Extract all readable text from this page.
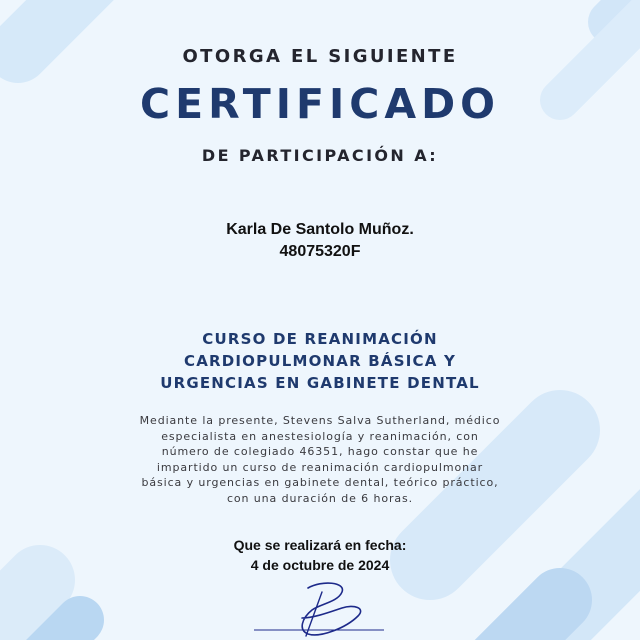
OTORGA EL SIGUIENTE
CERTIFICADO
DE PARTICIPACIÓN A:
Karla De Santolo Muñoz.
48075320F
CURSO DE REANIMACIÓN
CARDIOPULMONAR BÁSICA Y
URGENCIAS EN GABINETE DENTAL
Mediante la presente, Stevens Salva Sutherland, médico
especialista en anestesiología y reanimación, con
número de colegiado 46351, hago constar que he
impartido un curso de reanimación cardiopulmonar
básica y urgencias en gabinete dental, teórico práctico,
con una duración de 6 horas.
Que se realizará en fecha:
4 de octubre de 2024
